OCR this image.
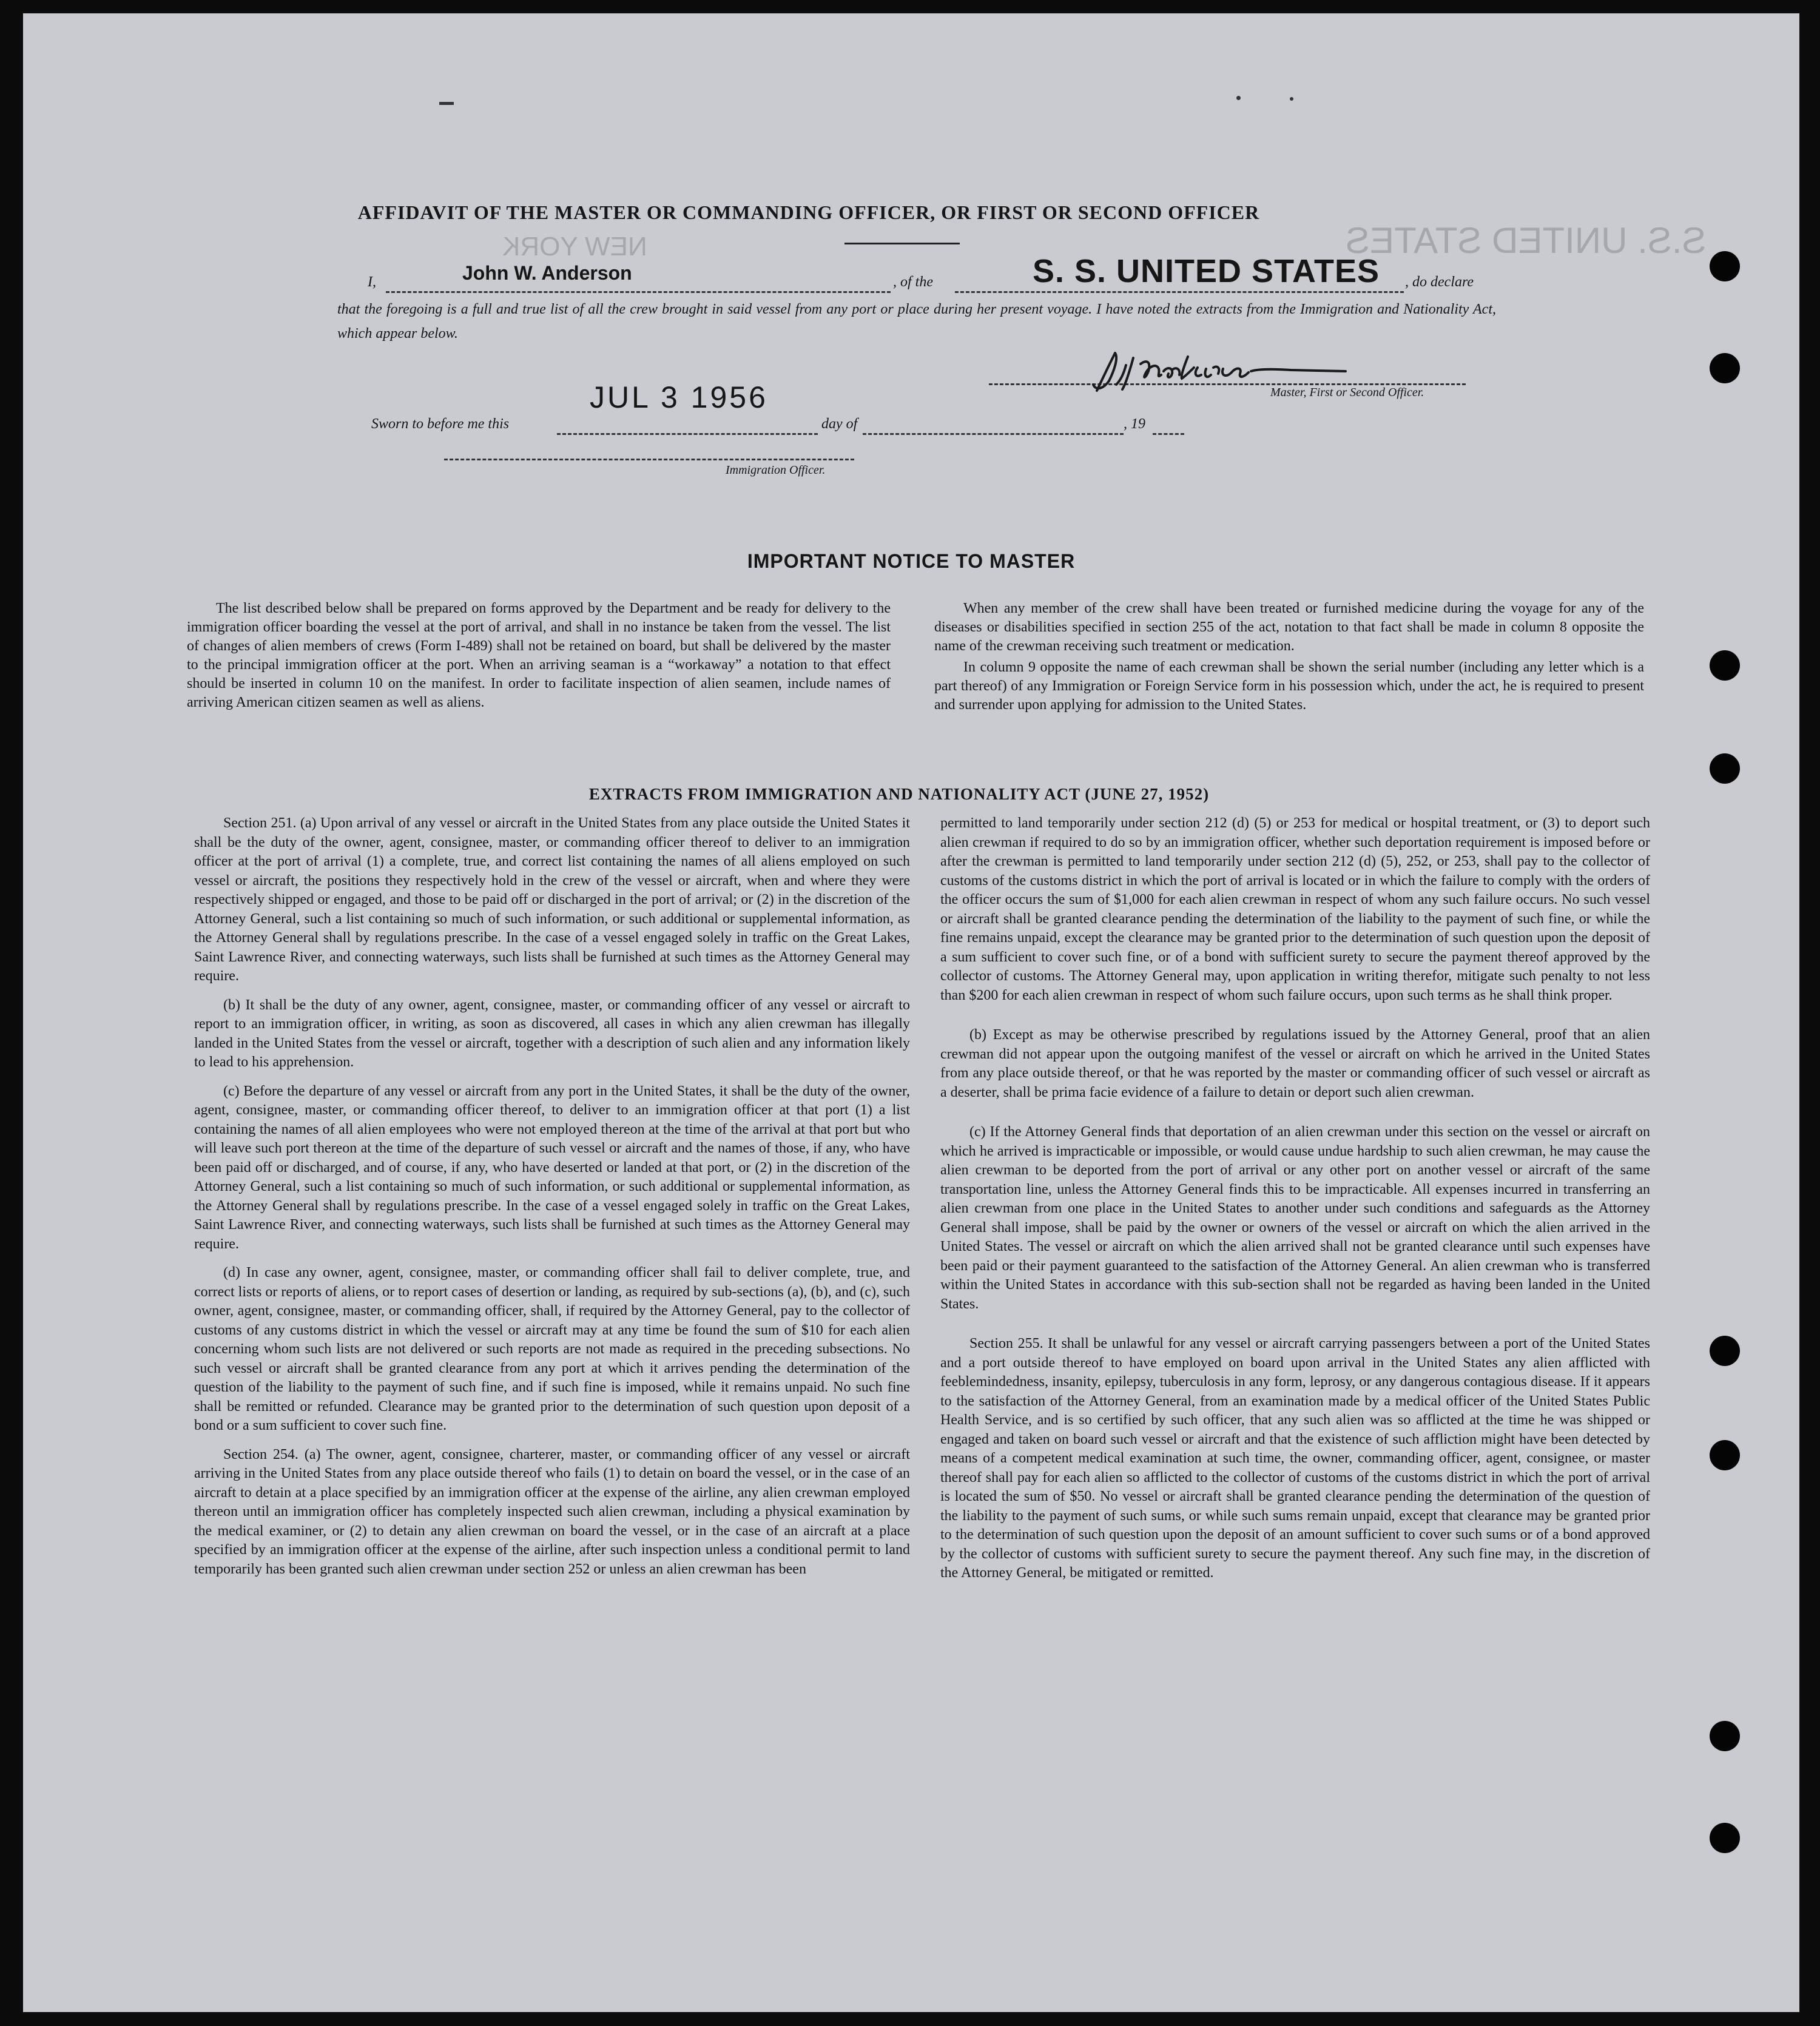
NEW YORK	S.S. UNITED STATES
AFFIDAVIT OF THE MASTER OR COMMANDING OFFICER, OR FIRST OR SECOND OFFICER
I,	John W. Anderson	, of the	S. S. UNITED STATES , do declare
that the foregoing is a full and true list of all the crew brought in said vessel from any port or place during her present voyage. I have noted the extracts from the Immigration and Nationality Act, which appear below.
Master, First or Second Officer.
Sworn to before me this
JUL 3 1956
day of	, 19
Immigration Officer.
IMPORTANT NOTICE TO MASTER
The list described below shall be prepared on forms approved by the Department and be ready for delivery to the immigration officer boarding the vessel at the port of arrival, and shall in no instance be taken from the vessel. The list of changes of alien members of crews (Form I-489) shall not be retained on board, but shall be delivered by the master to the principal immigration officer at the port. When an arriving seaman is a “workaway” a notation to that effect should be inserted in column 10 on the manifest. In order to facilitate inspection of alien seamen, include names of arriving American citizen seamen as well as aliens.
When any member of the crew shall have been treated or furnished medicine during the voyage for any of the diseases or disabilities specified in section 255 of the act, notation to that fact shall be made in column 8 opposite the name of the crewman receiving such treatment or medication.
In column 9 opposite the name of each crewman shall be shown the serial number (including any letter which is a part thereof) of any Immigration or Foreign Service form in his possession which, under the act, he is required to present and surrender upon applying for admission to the United States.
EXTRACTS FROM IMMIGRATION AND NATIONALITY ACT (JUNE 27, 1952)

Section 251. (a) Upon arrival of any vessel or aircraft in the United States from any place outside the United States it shall be the duty of the owner, agent, consignee, master, or commanding officer thereof to deliver to an immigration officer at the port of arrival (1) a complete, true, and correct list containing the names of all aliens employed on such vessel or aircraft, the positions they respectively hold in the crew of the vessel or aircraft, when and where they were respectively shipped or engaged, and those to be paid off or discharged in the port of arrival; or (2) in the discretion of the Attorney General, such a list containing so much of such information, or such additional or supplemental information, as the Attorney General shall by regulations prescribe. In the case of a vessel engaged solely in traffic on the Great Lakes, Saint Lawrence River, and connecting waterways, such lists shall be furnished at such times as the Attorney General may require.

(b) It shall be the duty of any owner, agent, consignee, master, or commanding officer of any vessel or aircraft to report to an immigration officer, in writing, as soon as discovered, all cases in which any alien crewman has illegally landed in the United States from the vessel or aircraft, together with a description of such alien and any information likely to lead to his apprehension.

(c) Before the departure of any vessel or aircraft from any port in the United States, it shall be the duty of the owner, agent, consignee, master, or commanding officer thereof, to deliver to an immigration officer at that port (1) a list containing the names of all alien employees who were not employed thereon at the time of the arrival at that port but who will leave such port thereon at the time of the departure of such vessel or aircraft and the names of those, if any, who have been paid off or discharged, and of course, if any, who have deserted or landed at that port, or (2) in the discretion of the Attorney General, such a list containing so much of such information, or such additional or supplemental information, as the Attorney General shall by regulations prescribe. In the case of a vessel engaged solely in traffic on the Great Lakes, Saint Lawrence River, and connecting waterways, such lists shall be furnished at such times as the Attorney General may require.

(d) In case any owner, agent, consignee, master, or commanding officer shall fail to deliver complete, true, and correct lists or reports of aliens, or to report cases of desertion or landing, as required by sub-sections (a), (b), and (c), such owner, agent, consignee, master, or commanding officer, shall, if required by the Attorney General, pay to the collector of customs of any customs district in which the vessel or aircraft may at any time be found the sum of $10 for each alien concerning whom such lists are not delivered or such reports are not made as required in the preceding subsections. No such vessel or aircraft shall be granted clearance from any port at which it arrives pending the determination of the question of the liability to the payment of such fine, and if such fine is imposed, while it remains unpaid. No such fine shall be remitted or refunded. Clearance may be granted prior to the determination of such question upon deposit of a bond or a sum sufficient to cover such fine.

Section 254. (a) The owner, agent, consignee, charterer, master, or commanding officer of any vessel or aircraft arriving in the United States from any place outside thereof who fails (1) to detain on board the vessel, or in the case of an aircraft to detain at a place specified by an immigration officer at the expense of the airline, any alien crewman employed thereon until an immigration officer has completely inspected such alien crewman, including a physical examination by the medical examiner, or (2) to detain any alien crewman on board the vessel, or in the case of an aircraft at a place specified by an immigration officer at the expense of the airline, after such inspection unless a conditional permit to land temporarily has been granted such alien crewman under section 252 or unless an alien crewman has been

permitted to land temporarily under section 212 (d) (5) or 253 for medical or hospital treatment, or (3) to deport such alien crewman if required to do so by an immigration officer, whether such deportation requirement is imposed before or after the crewman is permitted to land temporarily under section 212 (d) (5), 252, or 253, shall pay to the collector of customs of the customs district in which the port of arrival is located or in which the failure to comply with the orders of the officer occurs the sum of $1,000 for each alien crewman in respect of whom any such failure occurs. No such vessel or aircraft shall be granted clearance pending the determination of the liability to the payment of such fine, or while the fine remains unpaid, except the clearance may be granted prior to the determination of such question upon the deposit of a sum sufficient to cover such fine, or of a bond with sufficient surety to secure the payment thereof approved by the collector of customs. The Attorney General may, upon application in writing therefor, mitigate such penalty to not less than $200 for each alien crewman in respect of whom such failure occurs, upon such terms as he shall think proper.

(b) Except as may be otherwise prescribed by regulations issued by the Attorney General, proof that an alien crewman did not appear upon the outgoing manifest of the vessel or aircraft on which he arrived in the United States from any place outside thereof, or that he was reported by the master or commanding officer of such vessel or aircraft as a deserter, shall be prima facie evidence of a failure to detain or deport such alien crewman.

(c) If the Attorney General finds that deportation of an alien crewman under this section on the vessel or aircraft on which he arrived is impracticable or impossible, or would cause undue hardship to such alien crewman, he may cause the alien crewman to be deported from the port of arrival or any other port on another vessel or aircraft of the same transportation line, unless the Attorney General finds this to be impracticable. All expenses incurred in transferring an alien crewman from one place in the United States to another under such conditions and safeguards as the Attorney General shall impose, shall be paid by the owner or owners of the vessel or aircraft on which the alien arrived in the United States. The vessel or aircraft on which the alien arrived shall not be granted clearance until such expenses have been paid or their payment guaranteed to the satisfaction of the Attorney General. An alien crewman who is transferred within the United States in accordance with this sub-section shall not be regarded as having been landed in the United States.

Section 255. It shall be unlawful for any vessel or aircraft carrying passengers between a port of the United States and a port outside thereof to have employed on board upon arrival in the United States any alien afflicted with feeblemindedness, insanity, epilepsy, tuberculosis in any form, leprosy, or any dangerous contagious disease. If it appears to the satisfaction of the Attorney General, from an examination made by a medical officer of the United States Public Health Service, and is so certified by such officer, that any such alien was so afflicted at the time he was shipped or engaged and taken on board such vessel or aircraft and that the existence of such affliction might have been detected by means of a competent medical examination at such time, the owner, commanding officer, agent, consignee, or master thereof shall pay for each alien so afflicted to the collector of customs of the customs district in which the port of arrival is located the sum of $50. No vessel or aircraft shall be granted clearance pending the determination of the question of the liability to the payment of such sums, or while such sums remain unpaid, except that clearance may be granted prior to the determination of such question upon the deposit of an amount sufficient to cover such sums or of a bond approved by the collector of customs with sufficient surety to secure the payment thereof. Any such fine may, in the discretion of the Attorney General, be mitigated or remitted.
